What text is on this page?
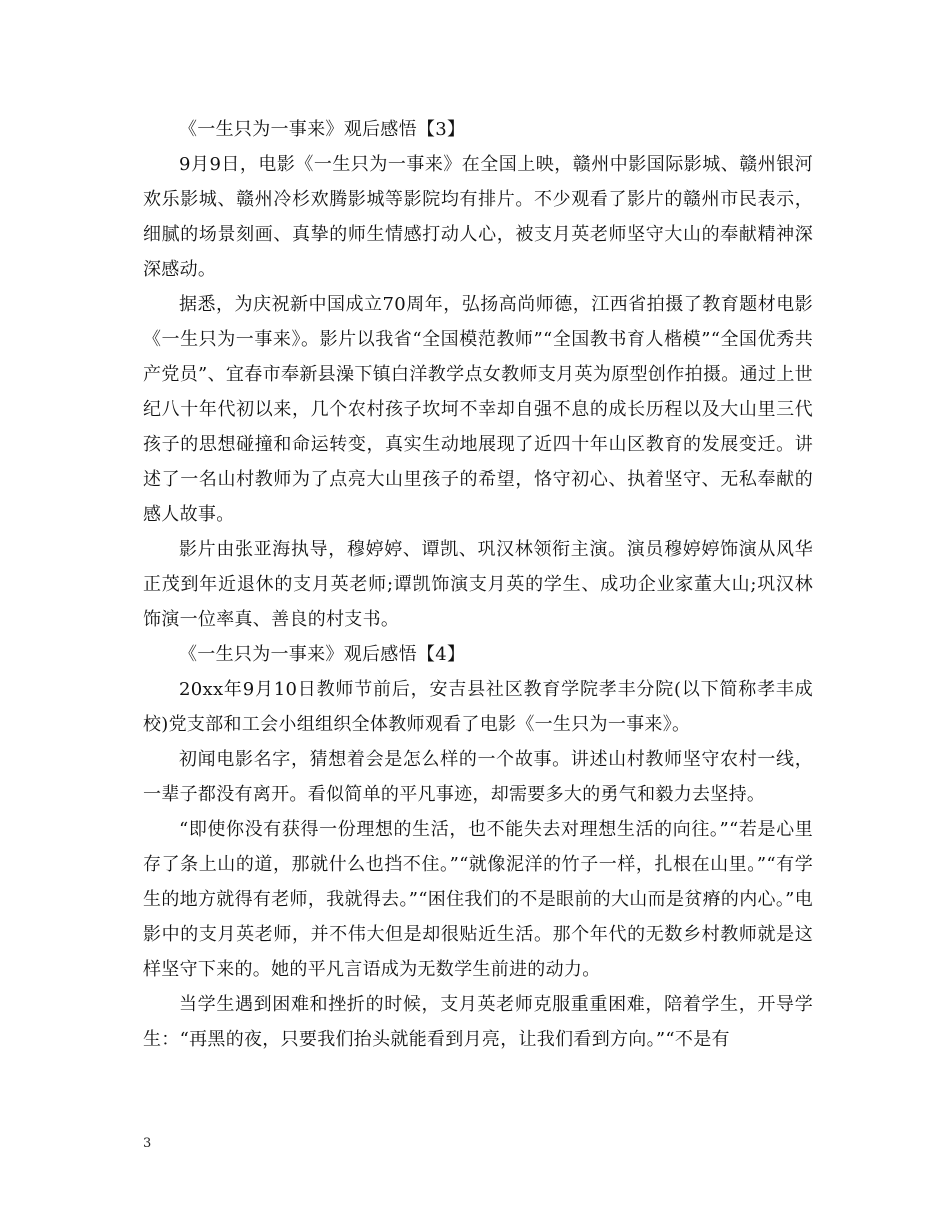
《一生只为一事来》观后感悟【3】

9月9日，电影《一生只为一事来》在全国上映，赣州中影国际影城、赣州银河欢乐影城、赣州冷杉欢腾影城等影院均有排片。不少观看了影片的赣州市民表示，细腻的场景刻画、真挚的师生情感打动人心，被支月英老师坚守大山的奉献精神深深感动。

据悉，为庆祝新中国成立70周年，弘扬高尚师德，江西省拍摄了教育题材电影《一生只为一事来》。影片以我省“全国模范教师”“全国教书育人楷模”“全国优秀共产党员”、宜春市奉新县澡下镇白洋教学点女教师支月英为原型创作拍摄。通过上世纪八十年代初以来，几个农村孩子坎坷不幸却自强不息的成长历程以及大山里三代孩子的思想碰撞和命运转变，真实生动地展现了近四十年山区教育的发展变迁。讲述了一名山村教师为了点亮大山里孩子的希望，恪守初心、执着坚守、无私奉献的感人故事。

影片由张亚海执导，穆婷婷、谭凯、巩汉林领衔主演。演员穆婷婷饰演从风华正茂到年近退休的支月英老师;谭凯饰演支月英的学生、成功企业家董大山;巩汉林饰演一位率真、善良的村支书。

《一生只为一事来》观后感悟【4】

20xx年9月10日教师节前后，安吉县社区教育学院孝丰分院(以下简称孝丰成校)党支部和工会小组组织全体教师观看了电影《一生只为一事来》。

初闻电影名字，猜想着会是怎么样的一个故事。讲述山村教师坚守农村一线，一辈子都没有离开。看似简单的平凡事迹，却需要多大的勇气和毅力去坚持。

“即使你没有获得一份理想的生活，也不能失去对理想生活的向往。”“若是心里存了条上山的道，那就什么也挡不住。”“就像泥洋的竹子一样，扎根在山里。”“有学生的地方就得有老师，我就得去。”“困住我们的不是眼前的大山而是贫瘠的内心。”电影中的支月英老师，并不伟大但是却很贴近生活。那个年代的无数乡村教师就是这样坚守下来的。她的平凡言语成为无数学生前进的动力。

当学生遇到困难和挫折的时候，支月英老师克服重重困难，陪着学生，开导学生：“再黑的夜，只要我们抬头就能看到月亮，让我们看到方向。”“不是有

3
